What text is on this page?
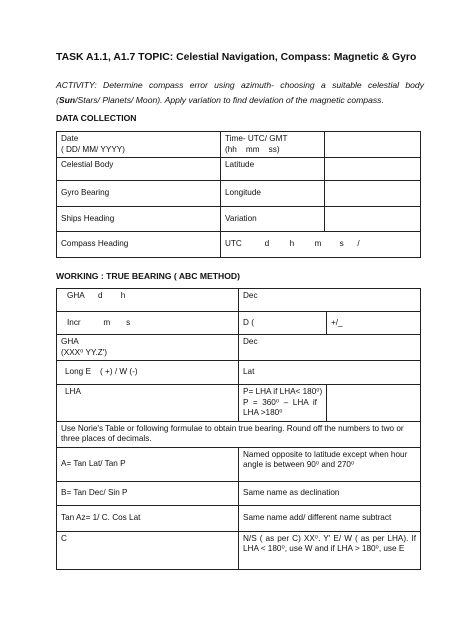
TASK A1.1, A1.7 TOPIC: Celestial Navigation, Compass: Magnetic & Gyro
ACTIVITY: Determine compass error using azimuth- choosing a suitable celestial body (Sun/Stars/ Planets/ Moon). Apply variation to find deviation of the magnetic compass.
DATA COLLECTION
Date
( DD/ MM/ YYYY)	Time- UTC/ GMT
(hh    mm    ss)	
Celestial Body	Latitude	
Gyro Bearing	Longitude	
Ships Heading	Variation	
Compass Heading	UTC          d         h         m        s      /	
WORKING : TRUE BEARING ( ABC METHOD)
GHA      d        h	Dec	
Incr          m       s	D (	+/_
GHA
(XXX⁰ YY.Z')	Dec	
Long E    ( +) / W (-)	Lat	
LHA	P= LHA if LHA< 180⁰)
P  =  360⁰  –  LHA  if
LHA >180⁰	
Use Norie's Table or following formulae to obtain true bearing. Round off the numbers to two or three places of decimals.		
A= Tan Lat/ Tan P	Named opposite to latitude except when hour angle is between 90⁰ and 270⁰	
B= Tan Dec/ Sin P	Same name as declination	
Tan Az= 1/ C. Cos Lat	Same name add/ different name subtract	
C	N/S ( as per C) XX⁰. Y' E/ W ( as per LHA). If LHA < 180⁰, use W and if LHA > 180⁰, use E	
